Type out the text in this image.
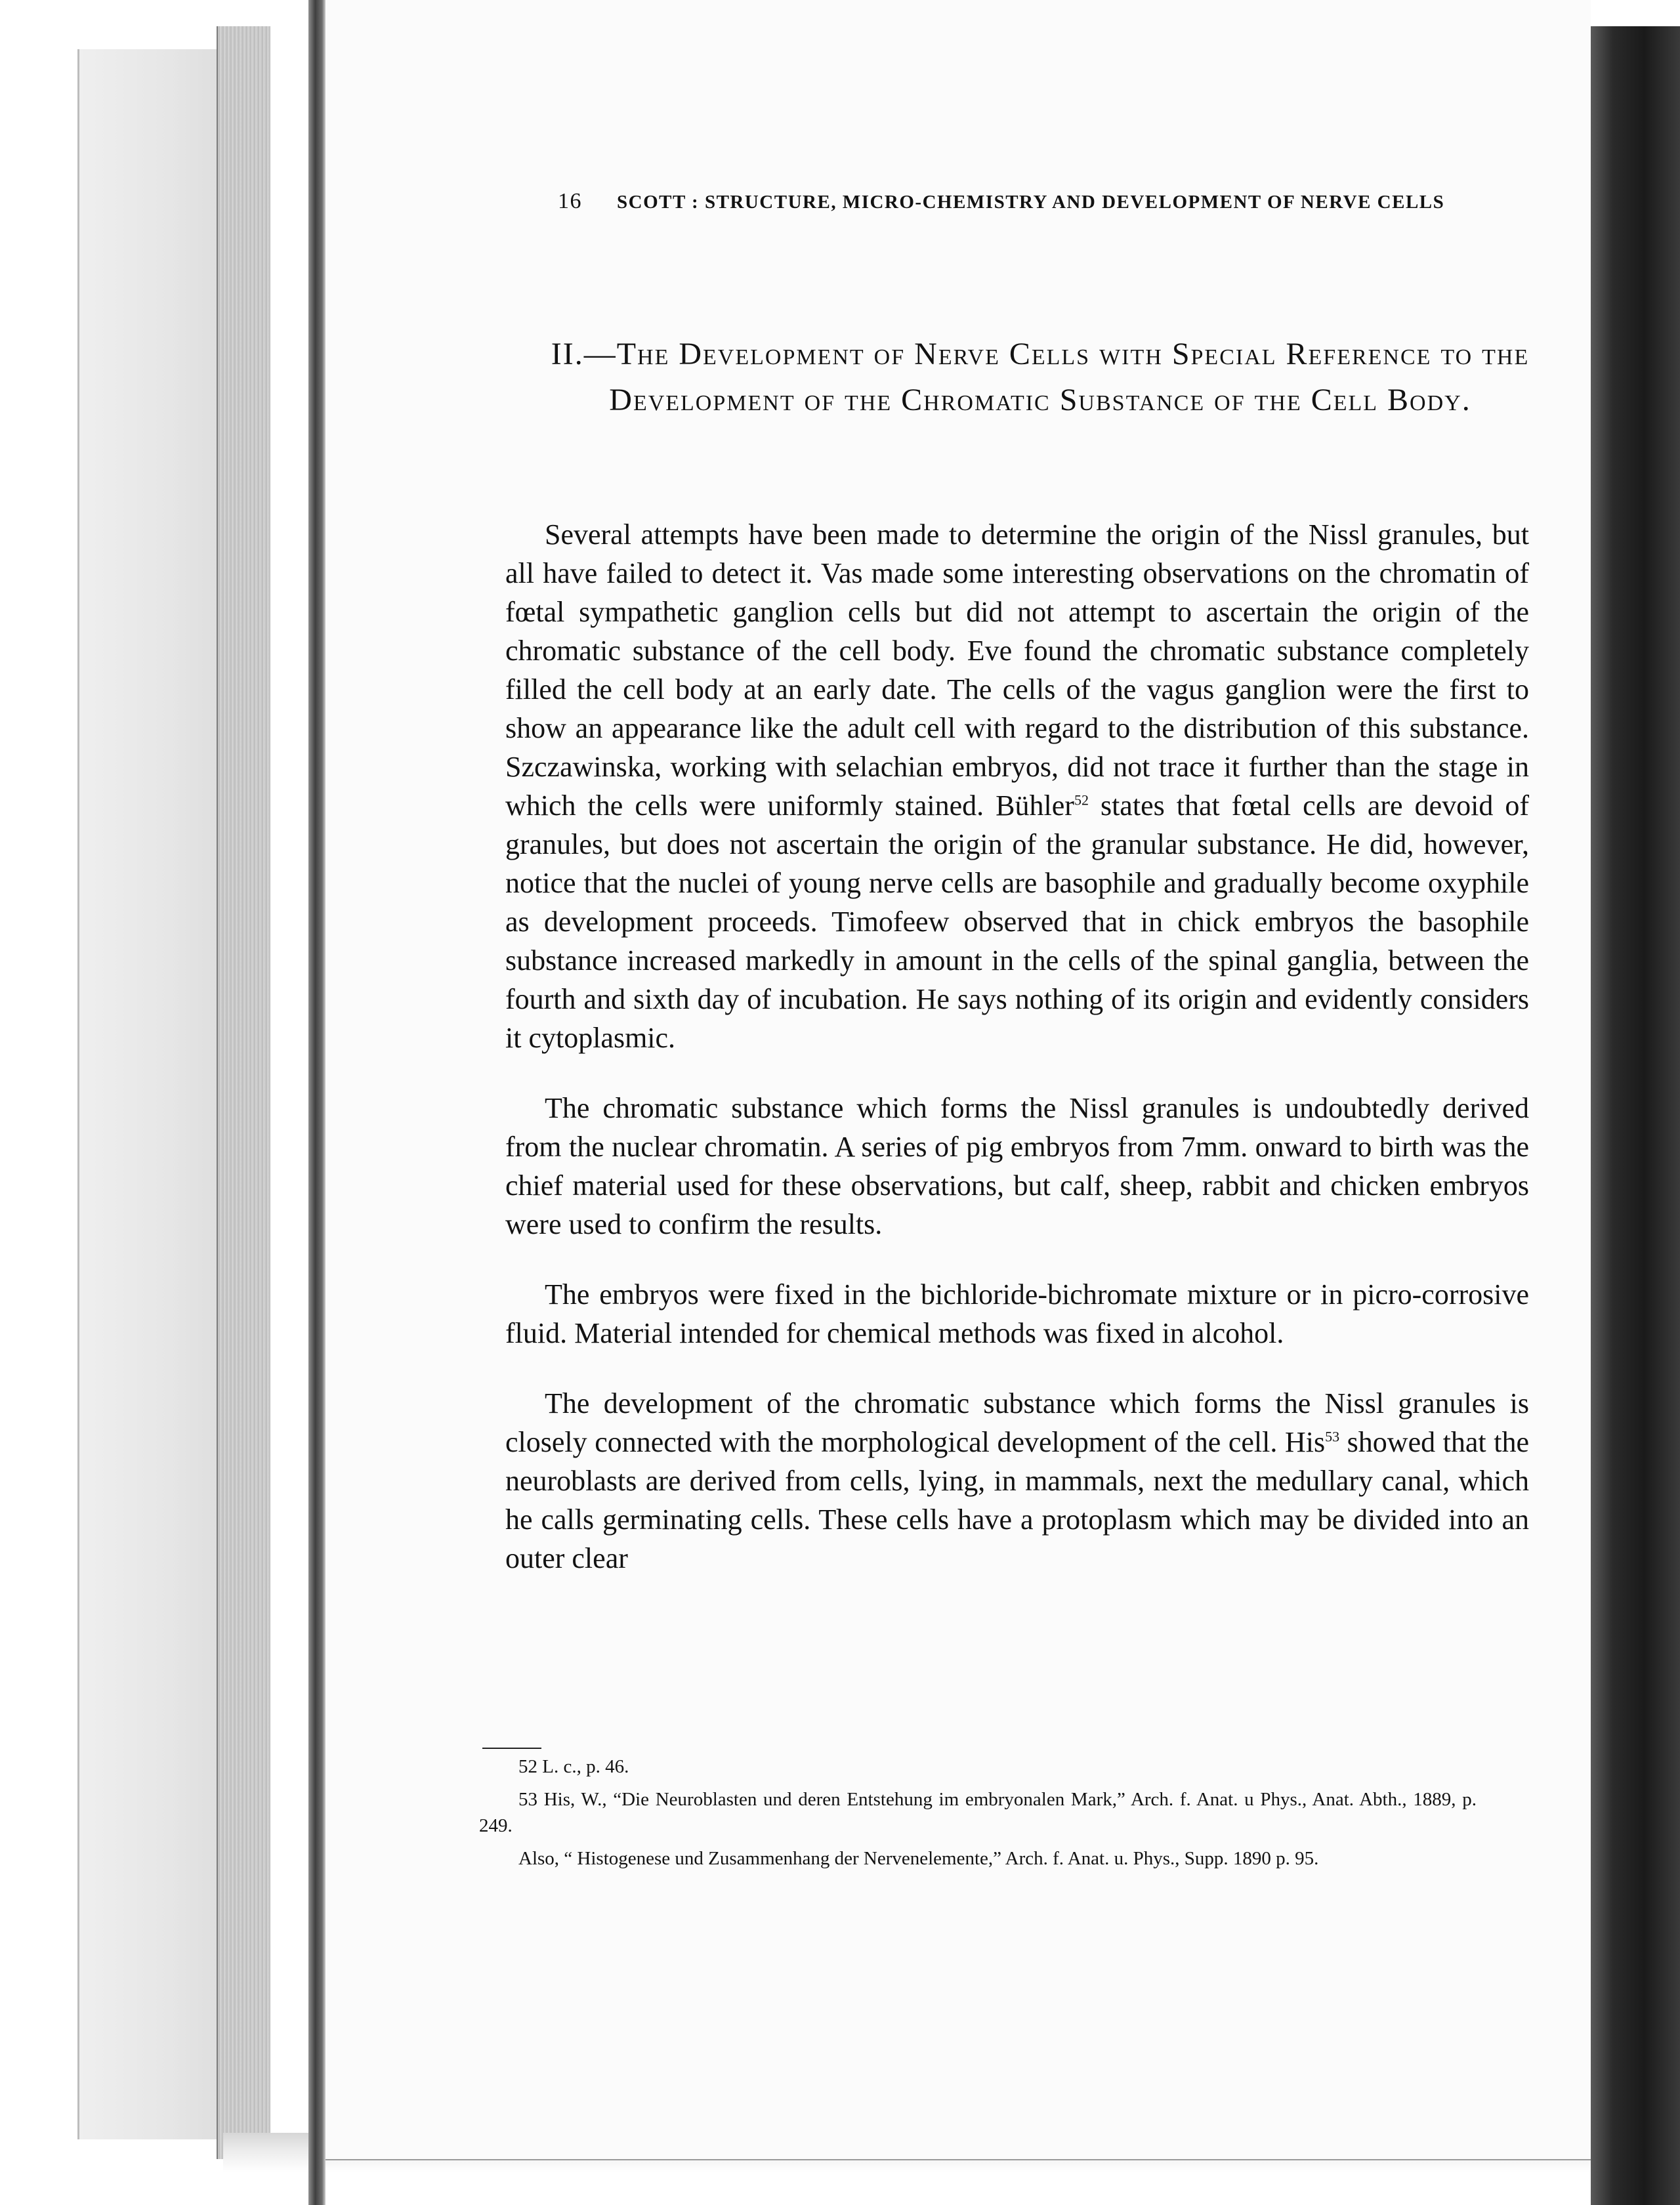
16 SCOTT : STRUCTURE, MICRO-CHEMISTRY AND DEVELOPMENT OF NERVE CELLS
II.—The Development of Nerve Cells with Special Reference to the Development of the Chromatic Substance of the Cell Body.

Several attempts have been made to determine the origin of the Nissl granules, but all have failed to detect it. Vas made some interesting observations on the chromatin of fœtal sympathetic ganglion cells but did not attempt to ascertain the origin of the chromatic substance of the cell body. Eve found the chromatic substance completely filled the cell body at an early date. The cells of the vagus ganglion were the first to show an appearance like the adult cell with regard to the distribution of this substance. Szczawinska, working with selachian embryos, did not trace it further than the stage in which the cells were uniformly stained. Bühler$^{52}$ states that fœtal cells are devoid of granules, but does not ascertain the origin of the granular substance. He did, however, notice that the nuclei of young nerve cells are basophile and gradually become oxyphile as development proceeds. Timofeew observed that in chick embryos the basophile substance increased markedly in amount in the cells of the spinal ganglia, between the fourth and sixth day of incubation. He says nothing of its origin and evidently considers it cytoplasmic.

The chromatic substance which forms the Nissl granules is undoubtedly derived from the nuclear chromatin. A series of pig embryos from 7mm. onward to birth was the chief material used for these observations, but calf, sheep, rabbit and chicken embryos were used to confirm the results.

The embryos were fixed in the bichloride-bichromate mixture or in picro-corrosive fluid. Material intended for chemical methods was fixed in alcohol.

The development of the chromatic substance which forms the Nissl granules is closely connected with the morphological development of the cell. His$^{53}$ showed that the neuroblasts are derived from cells, lying, in mammals, next the medullary canal, which he calls germinating cells. These cells have a protoplasm which may be divided into an outer clear

52 L. c., p. 46.

53 His, W., “Die Neuroblasten und deren Entstehung im embryonalen Mark,” Arch. f. Anat. u Phys., Anat. Abth., 1889, p. 249.

Also, “ Histogenese und Zusammenhang der Nervenelemente,” Arch. f. Anat. u. Phys., Supp. 1890 p. 95.
